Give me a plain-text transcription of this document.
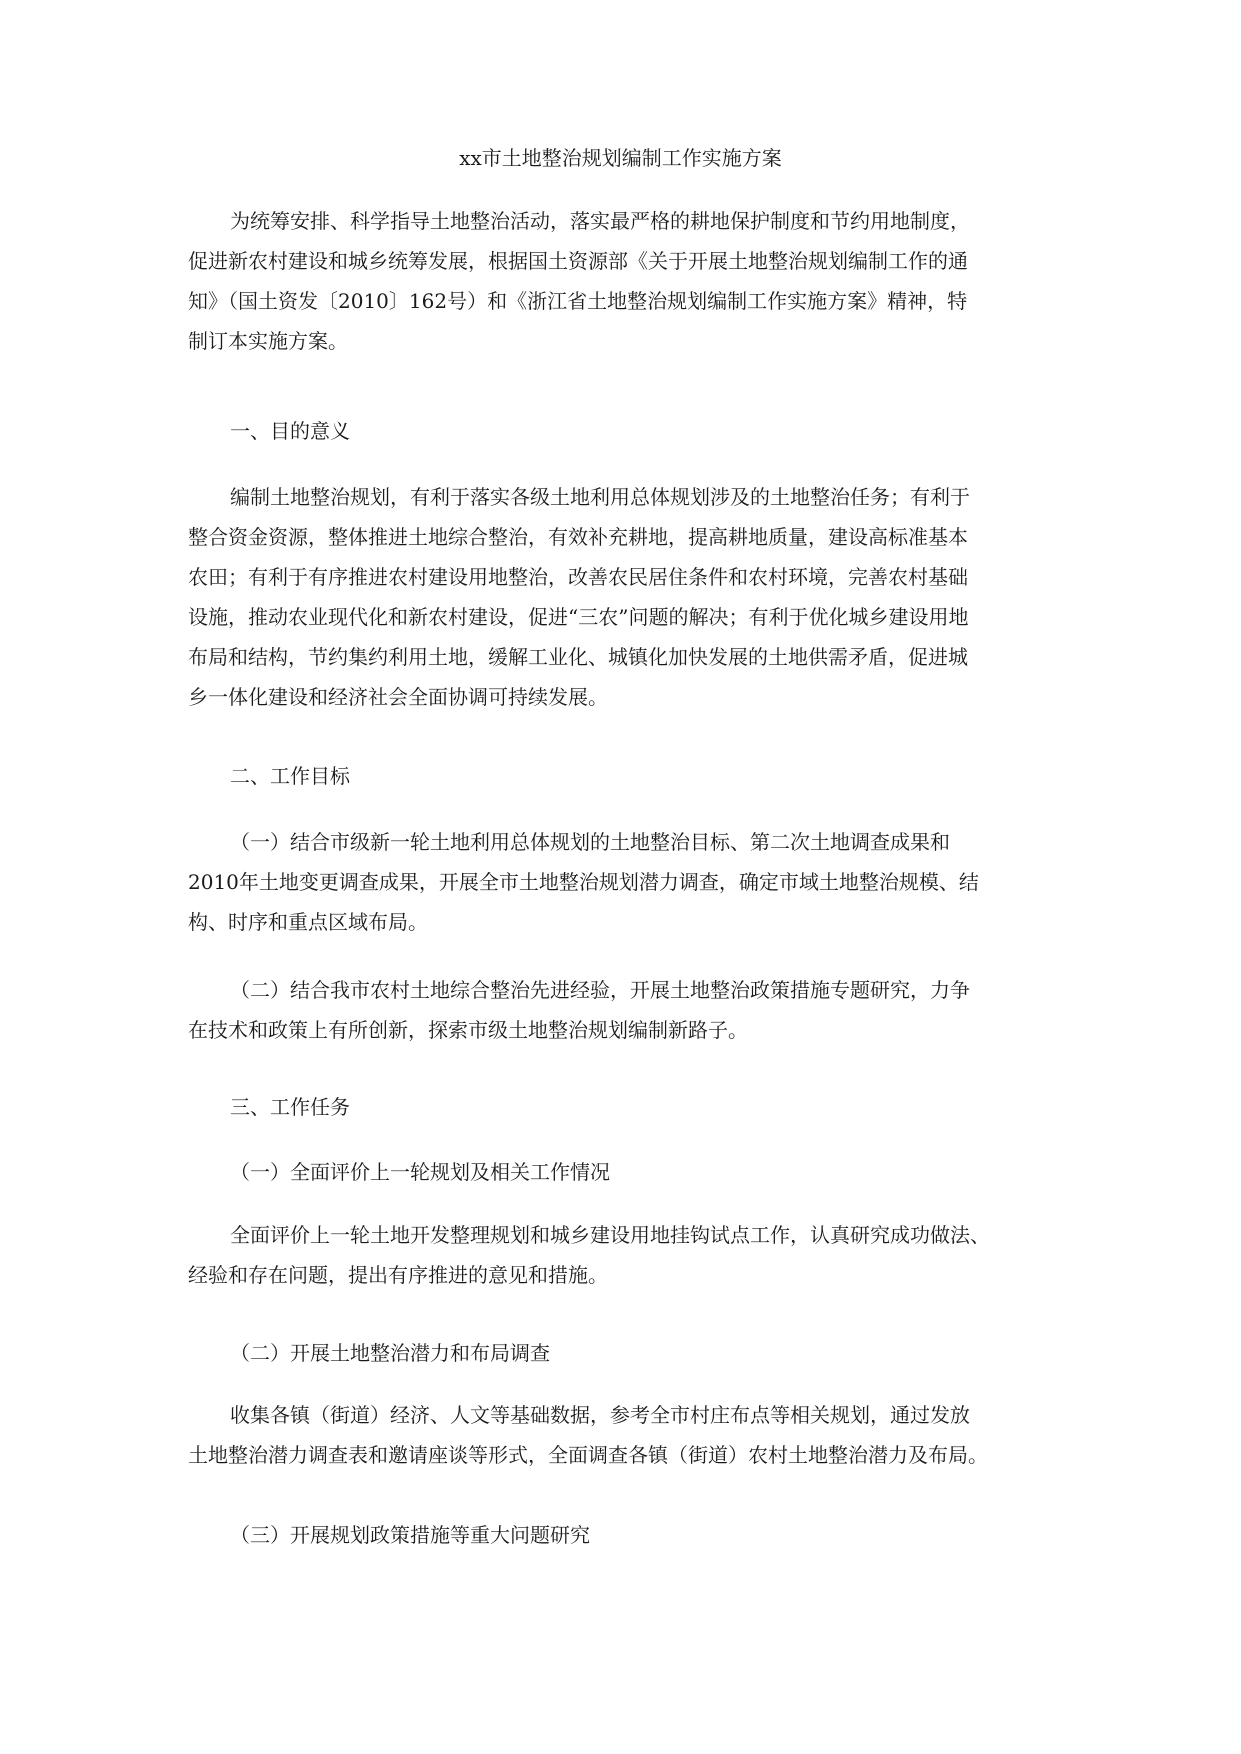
xx市土地整治规划编制工作实施方案
为统筹安排、科学指导土地整治活动，落实最严格的耕地保护制度和节约用地制度，
促进新农村建设和城乡统筹发展，根据国土资源部《关于开展土地整治规划编制工作的通
知》（国土资发〔2010〕162号）和《浙江省土地整治规划编制工作实施方案》精神，特
制订本实施方案。
一、目的意义
编制土地整治规划，有利于落实各级土地利用总体规划涉及的土地整治任务；有利于
整合资金资源，整体推进土地综合整治，有效补充耕地，提高耕地质量，建设高标准基本
农田；有利于有序推进农村建设用地整治，改善农民居住条件和农村环境，完善农村基础
设施，推动农业现代化和新农村建设，促进“三农”问题的解决；有利于优化城乡建设用地
布局和结构，节约集约利用土地，缓解工业化、城镇化加快发展的土地供需矛盾，促进城
乡一体化建设和经济社会全面协调可持续发展。
二、工作目标
（一）结合市级新一轮土地利用总体规划的土地整治目标、第二次土地调查成果和
2010年土地变更调查成果，开展全市土地整治规划潜力调查，确定市域土地整治规模、结
构、时序和重点区域布局。
（二）结合我市农村土地综合整治先进经验，开展土地整治政策措施专题研究，力争
在技术和政策上有所创新，探索市级土地整治规划编制新路子。
三、工作任务
（一）全面评价上一轮规划及相关工作情况
全面评价上一轮土地开发整理规划和城乡建设用地挂钩试点工作，认真研究成功做法、
经验和存在问题，提出有序推进的意见和措施。
（二）开展土地整治潜力和布局调查
收集各镇（街道）经济、人文等基础数据，参考全市村庄布点等相关规划，通过发放
土地整治潜力调查表和邀请座谈等形式，全面调查各镇（街道）农村土地整治潜力及布局。
（三）开展规划政策措施等重大问题研究
